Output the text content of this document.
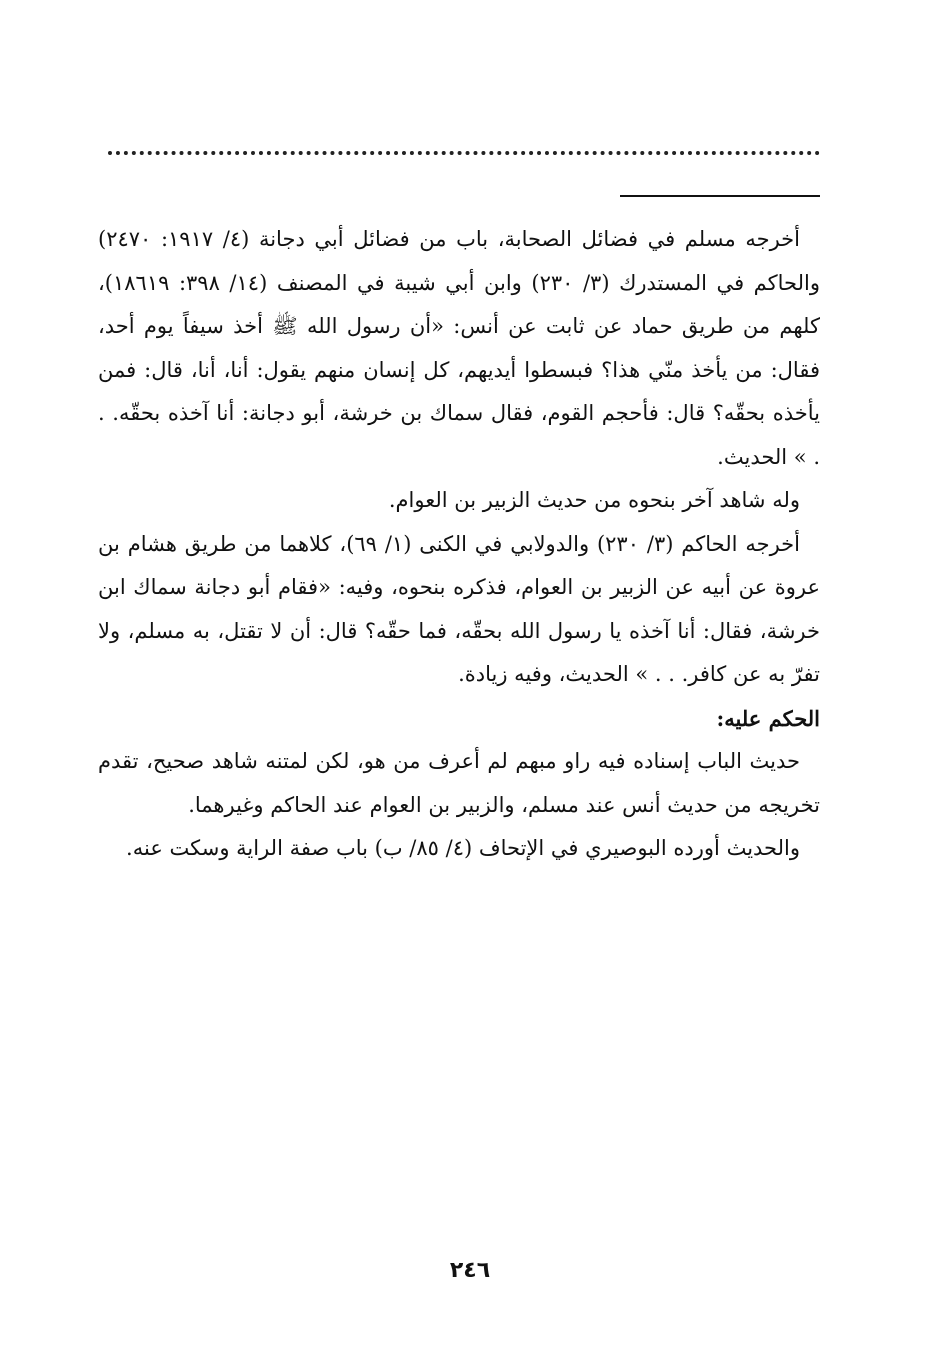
أخرجه مسلم في فضائل الصحابة، باب من فضائل أبي دجانة (٤/ ١٩١٧: ٢٤٧٠) والحاكم في المستدرك (٣/ ٢٣٠) وابن أبي شيبة في المصنف (١٤/ ٣٩٨: ١٨٦١٩)، كلهم من طريق حماد عن ثابت عن أنس: «أن رسول الله ﷺ أخذ سيفاً يوم أحد، فقال: من يأخذ منّي هذا؟ فبسطوا أيديهم، كل إنسان منهم يقول: أنا، أنا، قال: فمن يأخذه بحقّه؟ قال: فأحجم القوم، فقال سماك بن خرشة، أبو دجانة: أنا آخذه بحقّه. . . » الحديث.

وله شاهد آخر بنحوه من حديث الزبير بن العوام.

أخرجه الحاكم (٣/ ٢٣٠) والدولابي في الكنى (١/ ٦٩)، كلاهما من طريق هشام بن عروة عن أبيه عن الزبير بن العوام، فذكره بنحوه، وفيه: «فقام أبو دجانة سماك ابن خرشة، فقال: أنا آخذه يا رسول الله بحقّه، فما حقّه؟ قال: أن لا تقتل، به مسلم، ولا تفرّ به عن كافر. . . » الحديث، وفيه زيادة.

الحكم عليه:

حديث الباب إسناده فيه راو مبهم لم أعرف من هو، لكن لمتنه شاهد صحيح، تقدم تخريجه من حديث أنس عند مسلم، والزبير بن العوام عند الحاكم وغيرهما.

والحديث أورده البوصيري في الإتحاف (٤/ ٨٥/ ب) باب صفة الراية وسكت عنه.

٢٤٦
